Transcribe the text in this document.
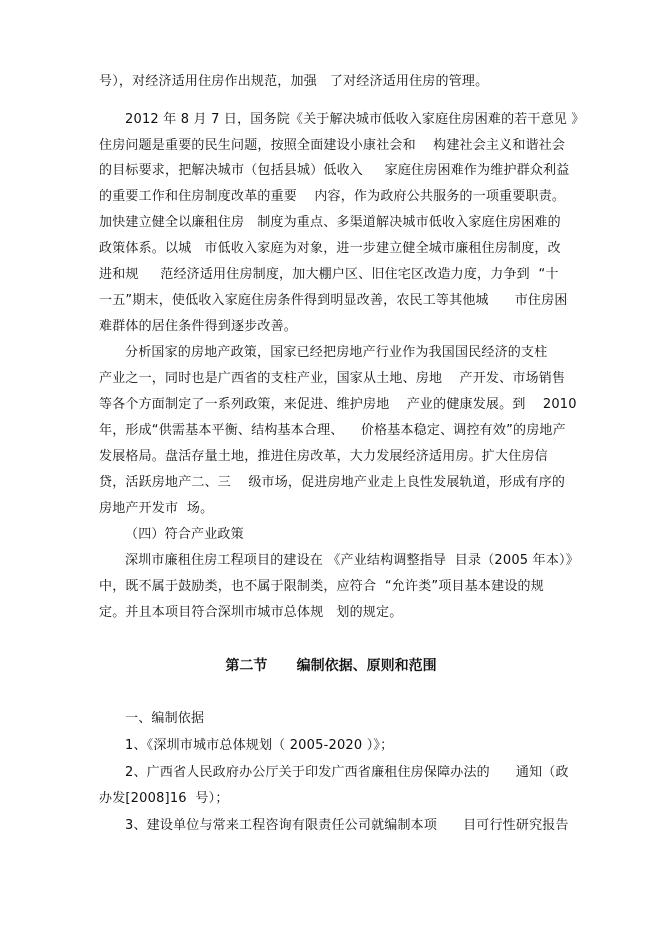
号），对经济适用住房作出规范，加强   了对经济适用住房的管理。
2012 年 8 月 7 日，国务院《关于解决城市低收入家庭住房困难的若干意见 》
住房问题是重要的民生问题，按照全面建设小康社会和    构建社会主义和谐社会
的目标要求，把解决城市（包括县城）低收入     家庭住房困难作为维护群众利益
的重要工作和住房制度改革的重要    内容，作为政府公共服务的一项重要职责。
加快建立健全以廉租住房   制度为重点、多渠道解决城市低收入家庭住房困难的
政策体系。以城   市低收入家庭为对象，进一步建立健全城市廉租住房制度，改
进和规     范经济适用住房制度，加大棚户区、旧住宅区改造力度，力争到  “十
一五”期末，使低收入家庭住房条件得到明显改善，农民工等其他城      市住房困
难群体的居住条件得到逐步改善。
分析国家的房地产政策，国家已经把房地产行业作为我国国民经济的支柱
产业之一，同时也是广西省的支柱产业，国家从土地、房地    产开发、市场销售
等各个方面制定了一系列政策，来促进、维护房地    产业的健康发展。到    2010
年，形成“供需基本平衡、结构基本合理、    价格基本稳定、调控有效”的房地产
发展格局。盘活存量土地，推进住房改革，大力发展经济适用房。扩大住房信
贷，活跃房地产二、三    级市场，促进房地产业走上良性发展轨道，形成有序的
房地产开发市  场。
（四）符合产业政策
深圳市廉租住房工程项目的建设在 《产业结构调整指导  目录（2005 年本）》
中，既不属于鼓励类，也不属于限制类，应符合  “允许类”项目基本建设的规
定。并且本项目符合深圳市城市总体规   划的规定。
第二节      编制依据、原则和范围
一、编制依据
1、《深圳市城市总体规划（ 2005-2020 ）》；
2、广西省人民政府办公厅关于印发广西省廉租住房保障办法的      通知（政
办发[2008]16  号）；
3、建设单位与常来工程咨询有限责任公司就编制本项      目可行性研究报告
